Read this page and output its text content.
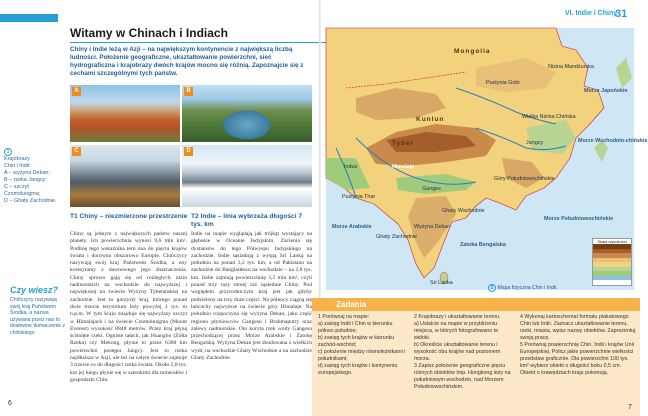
Witamy w Chinach i Indiach
Chiny i Indie leżą w Azji – na największym kontynencie z największą liczbą ludności. Położenie geograficzne, ukształtowanie powierzchni, sieć hydrograficzna i krajobrazy dwóch krajów mocno się różnią. Zapoznajcie się z cechami szczególnymi tych państw.
A	B
C	D
1
Krajobrazy
Chin i Indii:
A – wyżyna Dekan;
B – rzeka Jangcy;
C – szczyt
Czomolungma;
D – Ghaty Zachodnie.
Czy wiesz?
Chińczycy nazywają swój kraj Państwem Środka, a nazwa używana przez nas to dosłowne tłumaczenie z chińskiego.
T1 Chiny – niezmierzone przestrzenie
Chiny są jednym z największych państw naszej planety. Ich powierzchnia wynosi 9,6 mln km². Podlinę tego wskaźnika tern ona do pięciu krajów świata i dorównu obszarowo Europie. Chińczycy nazywają swój kraj Państwem Środka, a ony koresytamy z dawnowego jego zbaznaczenia. Chiny sprowo gają się od rozległych nizin nadmorskich na wschodzie do najwyższej i największej na świecie Wyżyny Tybetańskiej na zachodzie. Jest to górzysty kraj, którego ponad dwie trzecie terytorium leży powyżej 1 tys. m n.p.m. W tym kraju znajduje się najwyższy szczyt w Himalajach i na świecie Czomolungma (Mount Everest) wysokość 8848 metrów. Przez kraj płyną ściśnięte rzeki. Ogniste tałach, jak Huangho (Żółta Rzeka) czy Mekong, płynie to przez 6300 km powierzchni postępu Jangcy. Jest to rzeka najdłuższa w Azji, ale też na całym świecie zajmuje 3 trzecie co do długości rzeka świata. Około 2,8 tys. km jej biegu płynie się w szerokimi dla minerałów i gospodarki Chin.
T2 Indie – linia wybrzeża długości 7 tys. km
Indie na mapie wyglądają jak trójkąt wystający na głębokie w Oceanie Indyjskim. Zacienia się dystansów do tego Półwyspu Indyjskiego na zachodzie. Indie sąsiadują z wyspą Sri Lanką na południu na ponad 3,2 tys. km, a od Pakistanu na zachodzie do Bangladeszu na wschodzie – na 2,8 tys. km. Indie zajmują powierzchnię 3,3 mln km², czyli ponad trzy razy mniej niż sąsiednie Chiny. Pod względem przyrodniczym kraj jest jak gdyby podzielony na trzy duże części. Na północy ciągną się łańcuchy najwyższe na świecie góry Himalaje. Na południu rozpoczyna się wyżyna Dekan, jako część regionu płyniowców Gangesu i Brahmaputry oraz zalewy nadmorskie. Oto koryta rzek wody Gangesu przechodzącej przez Morze Arabskie i Zatokę Bengalską. Wyżyna Dekan jest zbudowana z wielkich wydr, na wschodzie Ghaty Wschodnie a na zachodzie Ghaty Zachodnie.
6
VI. Indie i Chiny
31
Mongolia
Pustynia Gobi
Tyber
Kunlun
Himalaje
Wyżyna Dekan
Ghaty Wschodnie
Ghaty Zachodnie
Morze Arabskie
Zatoka Bengalska
Morze Południowochińskie
Morze Wschodnio-chińskie
Morze Japońskie
Jangcy
Ganges
Indus
Pustynia Thar
Sri Lanka
Góry Południowochińskie
Wielka Nizina Chińska
Nizina Mandżurska
Skala wysokości
2 Mapa fizyczna Chin i Indii.
Zadania
1 Porównaj na mapie:
a) zasięg Indii i Chin w kierunku północ-południe;
b) zasięg tych krajów w kierunku zachód-wschód;
c) położenie między równoleżnikami i południkami;
d) zasięg tych krajów i kontynentu europejskiego.
2 Krajobrazy i ukształtowanie terenu.
a) Ustalcie na mapie w przybliżeniu miejsca, w których fotografowano te widoki.
b) Określcie ukształtowanie terenu i wysokość obu krajów nad poziomem morza.
3 Zapisz położenie geograficzne pięciu różnych obiektów Imp. Hongkong leży na południowym wschodzie, nad Morzem Południowochińskim.
4 Wykonaj kartoschemat formatu plakatowego Chin lub Indii. Zaznacz ukształtowanie terenu, rzeki, miasta, wpisz nazwy obiektów. Zaprezentuj swoją pracę.
5 Porównaj powierzchnię Chin, Indii i krajów Unii Europejskiej. Policz jakie powierzchnie wielkości przedstaw graficznie. Dla powierzchni 100 tys. km² wybierz obiekt o długości boku 0,5 cm. Obiekt o krawędziach kraju pokonują.
7
